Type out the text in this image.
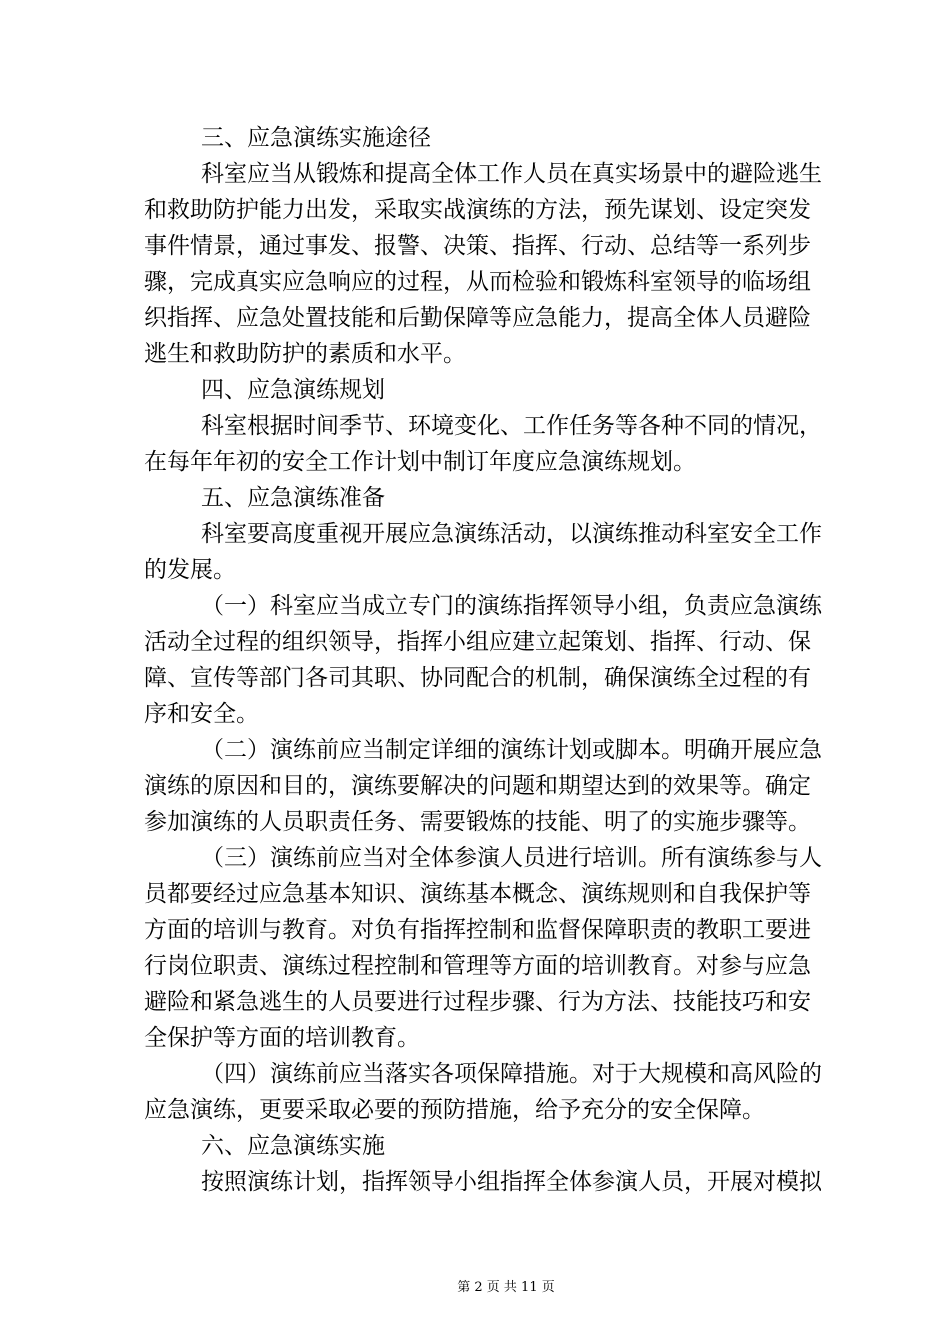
三、应急演练实施途径
科室应当从锻炼和提高全体工作人员在真实场景中的避险逃生
和救助防护能力出发，采取实战演练的方法，预先谋划、设定突发
事件情景，通过事发、报警、决策、指挥、行动、总结等一系列步
骤，完成真实应急响应的过程，从而检验和锻炼科室领导的临场组
织指挥、应急处置技能和后勤保障等应急能力，提高全体人员避险
逃生和救助防护的素质和水平。
四、应急演练规划
科室根据时间季节、环境变化、工作任务等各种不同的情况，
在每年年初的安全工作计划中制订年度应急演练规划。
五、应急演练准备
科室要高度重视开展应急演练活动，以演练推动科室安全工作
的发展。
（一）科室应当成立专门的演练指挥领导小组，负责应急演练
活动全过程的组织领导，指挥小组应建立起策划、指挥、行动、保
障、宣传等部门各司其职、协同配合的机制，确保演练全过程的有
序和安全。
（二）演练前应当制定详细的演练计划或脚本。明确开展应急
演练的原因和目的，演练要解决的问题和期望达到的效果等。确定
参加演练的人员职责任务、需要锻炼的技能、明了的实施步骤等。
（三）演练前应当对全体参演人员进行培训。所有演练参与人
员都要经过应急基本知识、演练基本概念、演练规则和自我保护等
方面的培训与教育。对负有指挥控制和监督保障职责的教职工要进
行岗位职责、演练过程控制和管理等方面的培训教育。对参与应急
避险和紧急逃生的人员要进行过程步骤、行为方法、技能技巧和安
全保护等方面的培训教育。
（四）演练前应当落实各项保障措施。对于大规模和高风险的
应急演练，更要采取必要的预防措施，给予充分的安全保障。
六、应急演练实施
按照演练计划，指挥领导小组指挥全体参演人员，开展对模拟
第 2 页 共 11 页
